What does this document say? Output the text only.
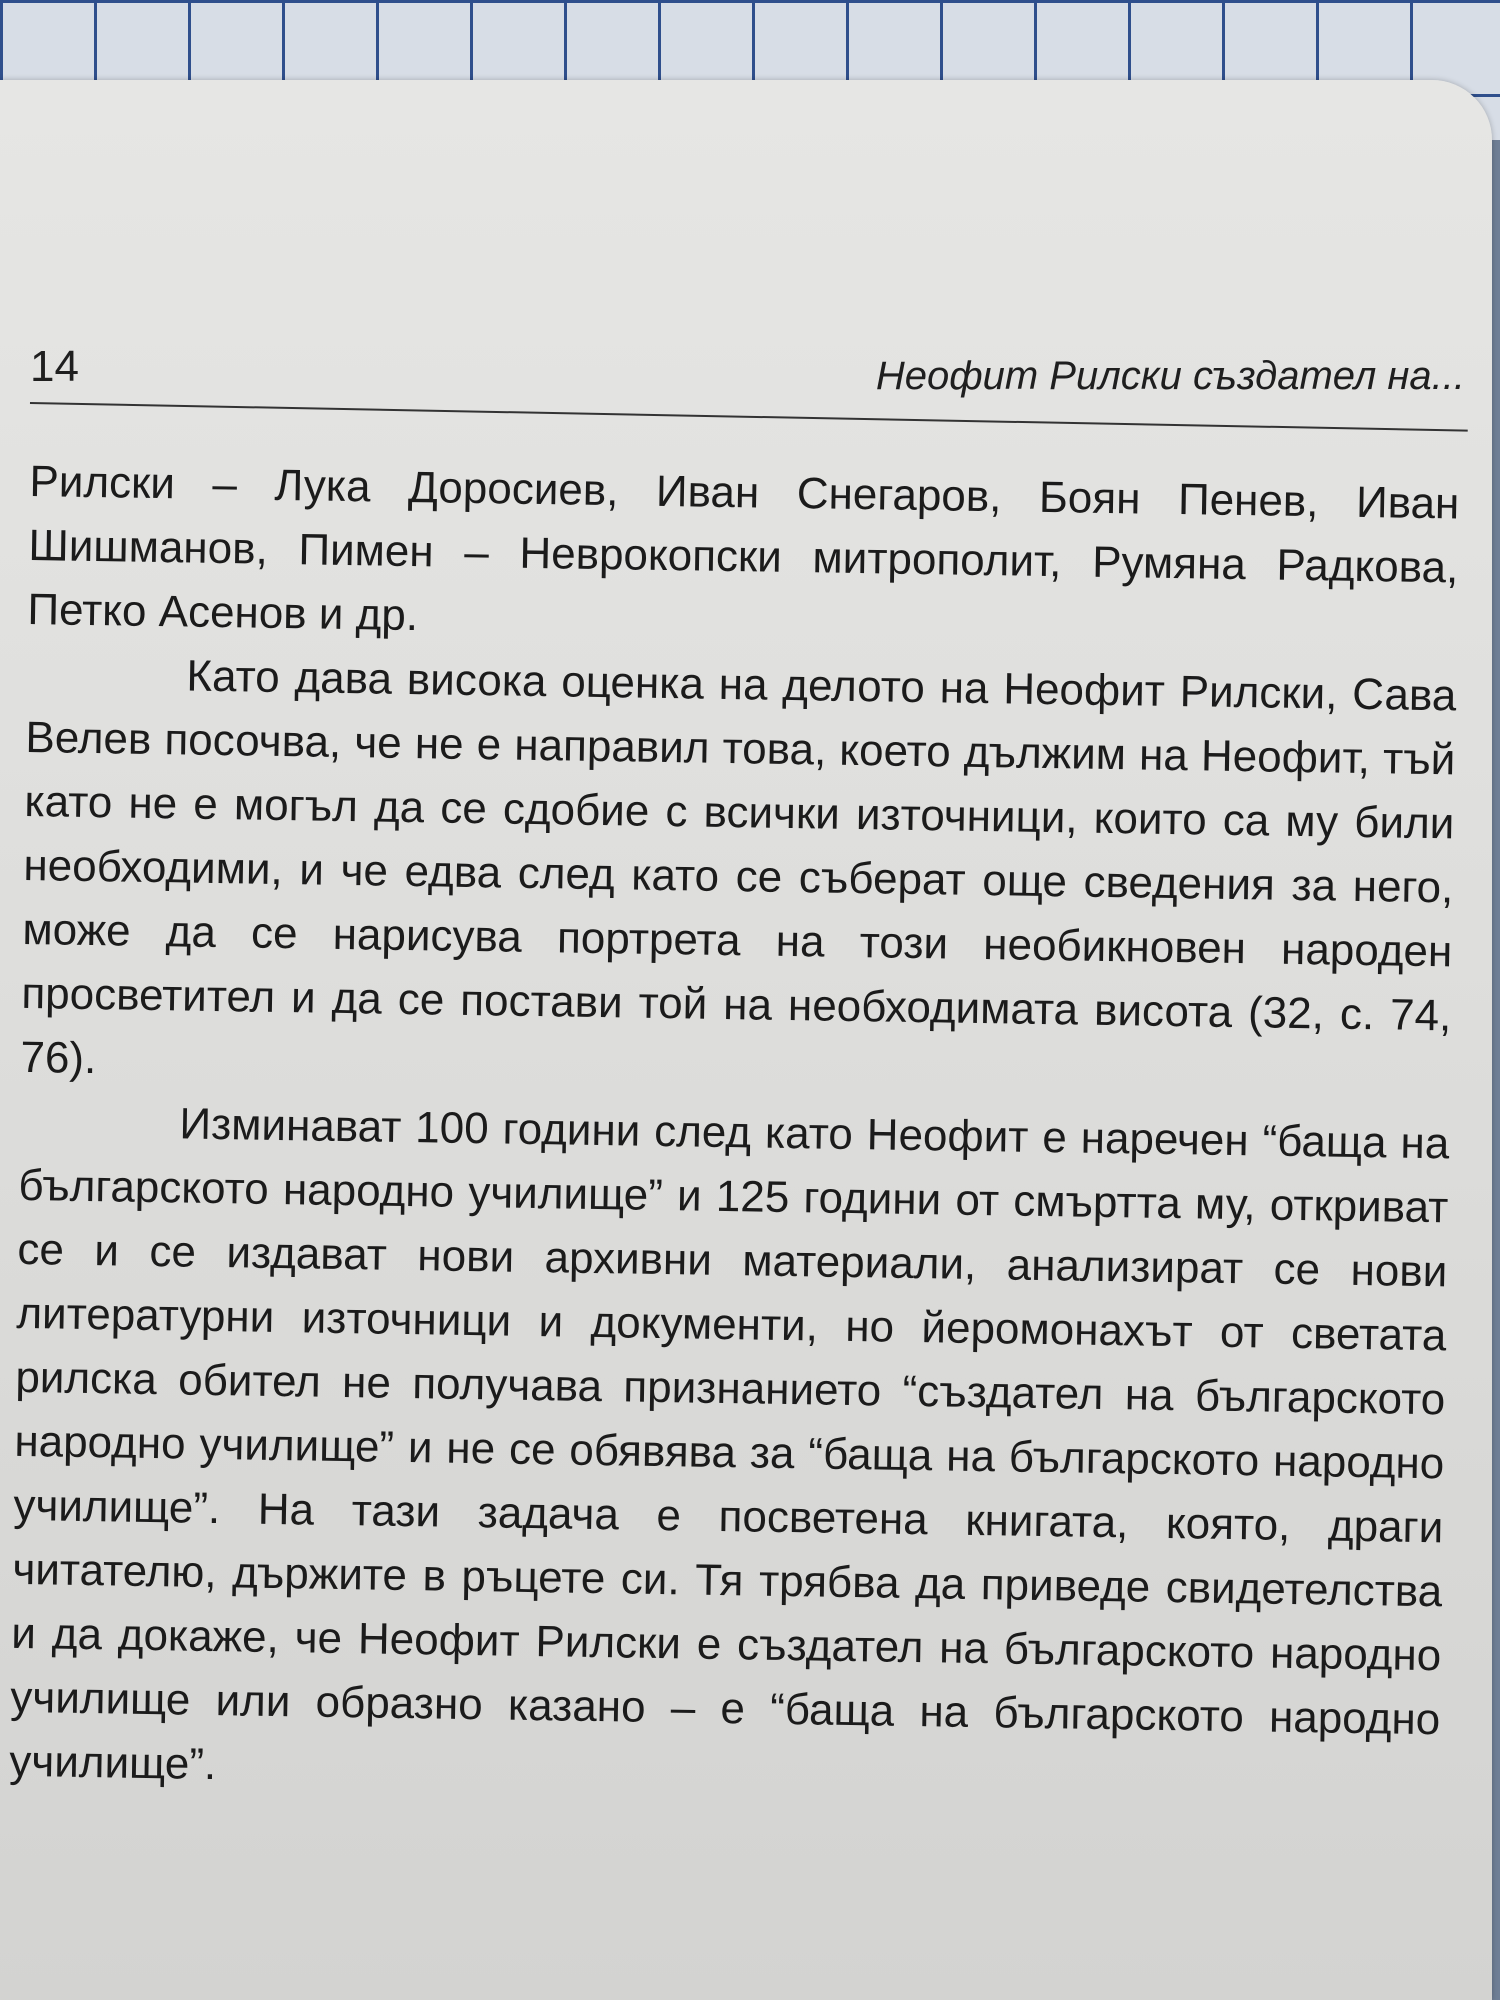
14	Неофит Рилски създател на...

Рилски – Лука Доросиев, Иван Снегаров, Боян Пенев, Иван Шишманов, Пимен – Неврокопски митрополит, Румяна Радкова, Петко Асенов и др.

Като дава висока оценка на делото на Неофит Рилски, Сава Велев посочва, че не е направил това, което дължим на Неофит, тъй като не е могъл да се сдобие с всички източници, които са му били необходими, и че едва след като се съберат още сведения за него, може да се нарисува портрета на този необикновен народен просветител и да се постави той на необходимата висота (32, с. 74, 76).

Изминават 100 години след като Неофит е наречен “баща на българското народно училище” и 125 години от смъртта му, откриват се и се издават нови архивни материали, анализират се нови литературни източници и документи, но йеромонахът от светата рилска обител не получава признанието “създател на българското народно училище” и не се обявява за “баща на българското народно училище”. На тази задача е посветена книгата, която, драги читателю, държите в ръцете си. Тя трябва да приведе свидетелства и да докаже, че Неофит Рилски е създател на българското народно училище или образно казано – е “баща на българското народно училище”.
